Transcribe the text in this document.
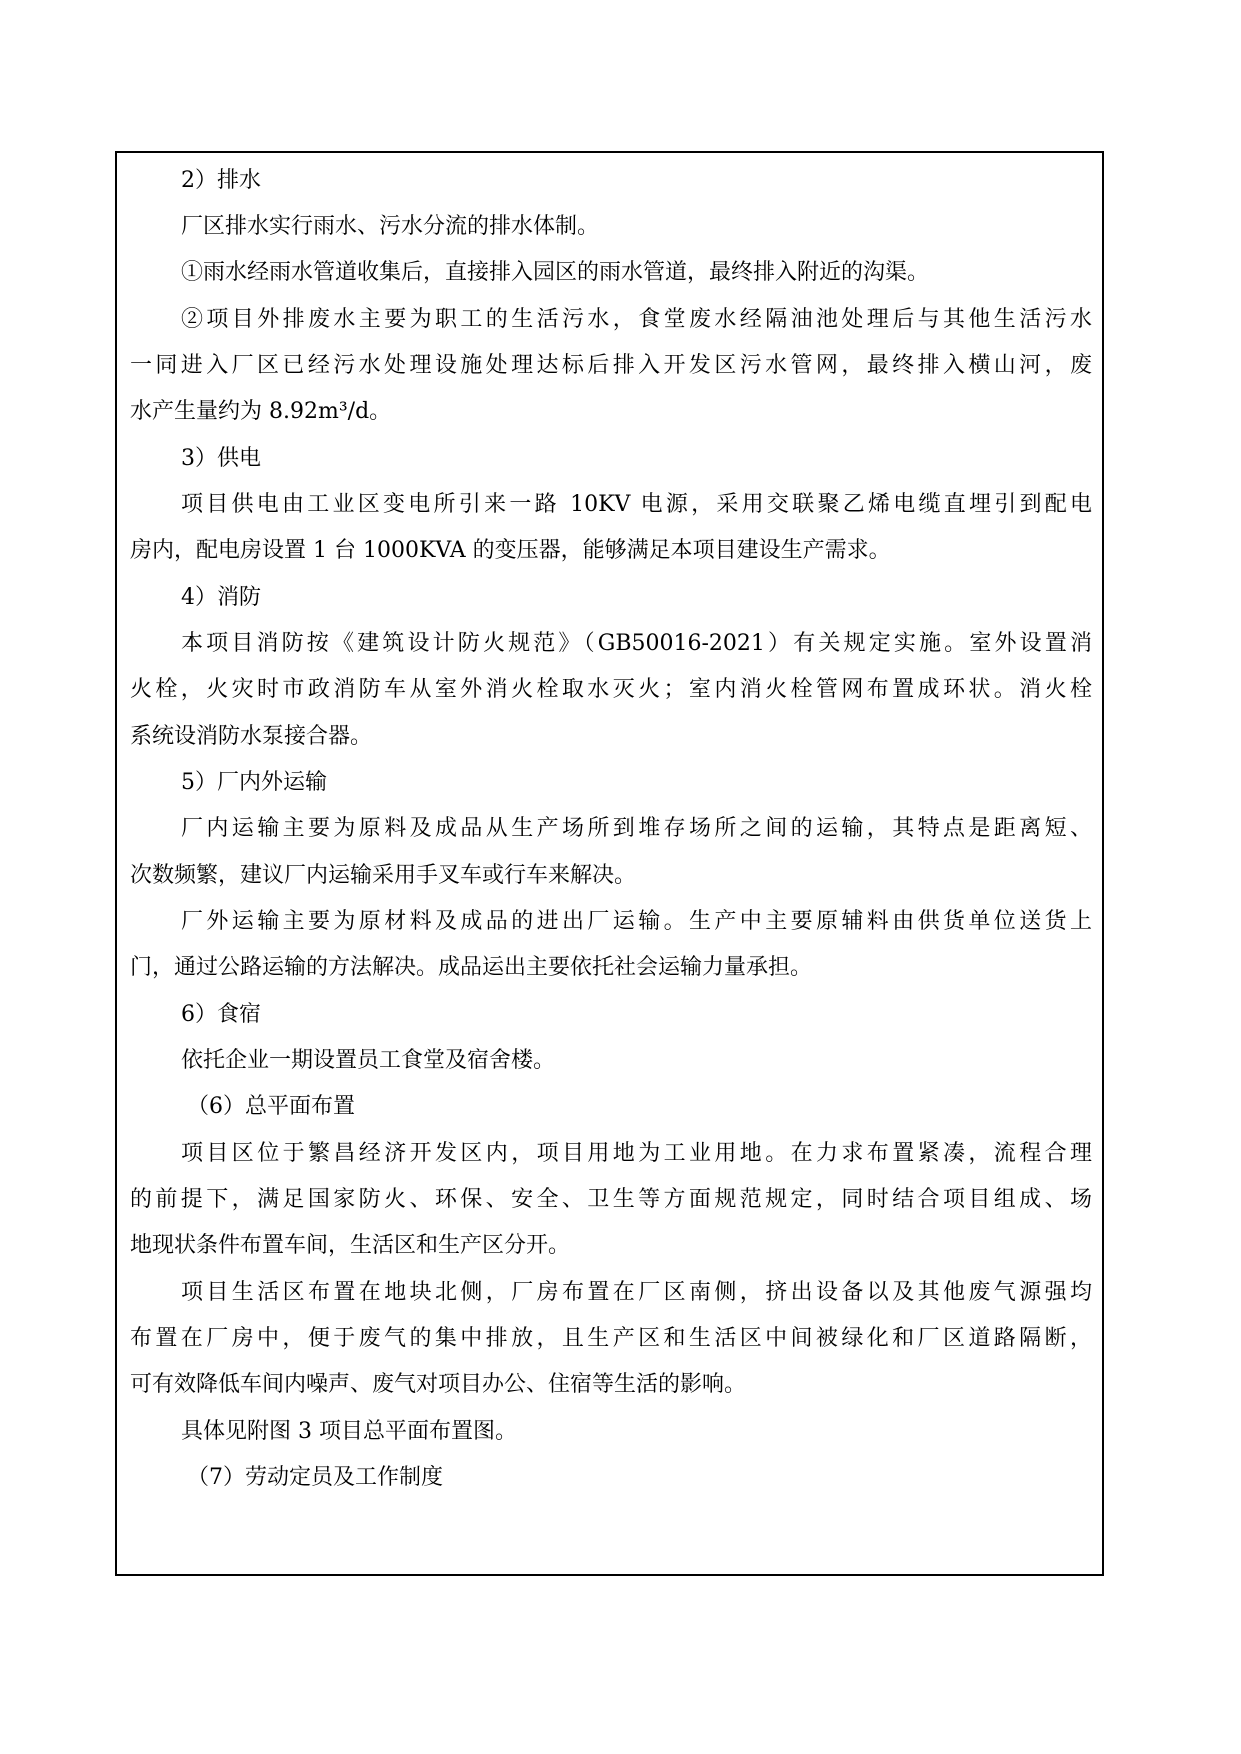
2）排水
厂区排水实行雨水、污水分流的排水体制。
①雨水经雨水管道收集后，直接排入园区的雨水管道，最终排入附近的沟渠。
②项目外排废水主要为职工的生活污水，食堂废水经隔油池处理后与其他生活污水
一同进入厂区已经污水处理设施处理达标后排入开发区污水管网，最终排入横山河，废
水产生量约为 8.92m³/d。
3）供电
项目供电由工业区变电所引来一路 10KV 电源，采用交联聚乙烯电缆直埋引到配电
房内，配电房设置 1 台 1000KVA 的变压器，能够满足本项目建设生产需求。
4）消防
本项目消防按《建筑设计防火规范》（GB50016-2021）有关规定实施。室外设置消
火栓，火灾时市政消防车从室外消火栓取水灭火；室内消火栓管网布置成环状。消火栓
系统设消防水泵接合器。
5）厂内外运输
厂内运输主要为原料及成品从生产场所到堆存场所之间的运输，其特点是距离短、
次数频繁，建议厂内运输采用手叉车或行车来解决。
厂外运输主要为原材料及成品的进出厂运输。生产中主要原辅料由供货单位送货上
门，通过公路运输的方法解决。成品运出主要依托社会运输力量承担。
6）食宿
依托企业一期设置员工食堂及宿舍楼。
（6）总平面布置
项目区位于繁昌经济开发区内，项目用地为工业用地。在力求布置紧凑，流程合理
的前提下，满足国家防火、环保、安全、卫生等方面规范规定，同时结合项目组成、场
地现状条件布置车间，生活区和生产区分开。
项目生活区布置在地块北侧，厂房布置在厂区南侧，挤出设备以及其他废气源强均
布置在厂房中，便于废气的集中排放，且生产区和生活区中间被绿化和厂区道路隔断，
可有效降低车间内噪声、废气对项目办公、住宿等生活的影响。
具体见附图 3 项目总平面布置图。
（7）劳动定员及工作制度
